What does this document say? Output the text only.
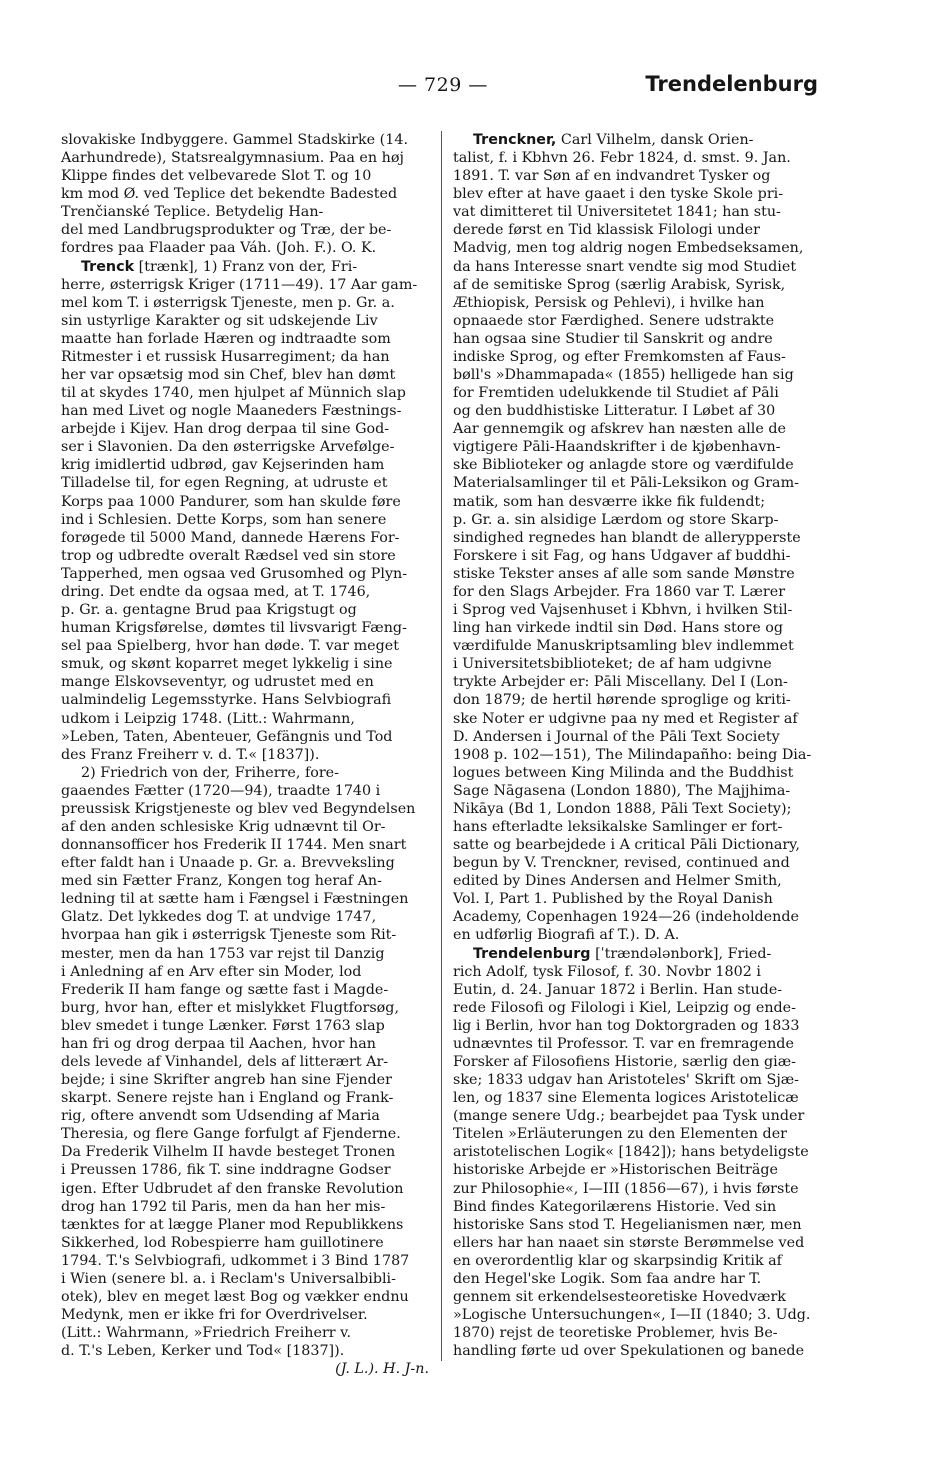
— 729 —	Trendelenburg
slovakiske Indbyggere. Gammel Stadskirke (14.
Aarhundrede), Statsrealgymnasium. Paa en høj
Klippe findes det velbevarede Slot T. og 10
km mod Ø. ved Teplice det bekendte Badested
Trenčianské Teplice. Betydelig Han-
del med Landbrugsprodukter og Træ, der be-
fordres paa Flaader paa Váh. (Joh. F.). O. K.
Trenck [trænk], 1) Franz von der, Fri-
herre, østerrigsk Kriger (1711—49). 17 Aar gam-
mel kom T. i østerrigsk Tjeneste, men p. Gr. a.
sin ustyrlige Karakter og sit udskejende Liv
maatte han forlade Hæren og indtraadte som
Ritmester i et russisk Husarregiment; da han
her var opsætsig mod sin Chef, blev han dømt
til at skydes 1740, men hjulpet af Münnich slap
han med Livet og nogle Maaneders Fæstnings-
arbejde i Kijev. Han drog derpaa til sine God-
ser i Slavonien. Da den østerrigske Arvefølge-
krig imidlertid udbrød, gav Kejserinden ham
Tilladelse til, for egen Regning, at udruste et
Korps paa 1000 Pandurer, som han skulde føre
ind i Schlesien. Dette Korps, som han senere
forøgede til 5000 Mand, dannede Hærens For-
trop og udbredte overalt Rædsel ved sin store
Tapperhed, men ogsaa ved Grusomhed og Plyn-
dring. Det endte da ogsaa med, at T. 1746,
p. Gr. a. gentagne Brud paa Krigstugt og
human Krigsførelse, dømtes til livsvarigt Fæng-
sel paa Spielberg, hvor han døde. T. var meget
smuk, og skønt koparret meget lykkelig i sine
mange Elskovseventyr, og udrustet med en
ualmindelig Legemsstyrke. Hans Selvbiografi
udkom i Leipzig 1748. (Litt.: Wahrmann,
»Leben, Taten, Abenteuer, Gefängnis und Tod
des Franz Freiherr v. d. T.« [1837]).
2) Friedrich von der, Friherre, fore-
gaaendes Fætter (1720—94), traadte 1740 i
preussisk Krigstjeneste og blev ved Begyndelsen
af den anden schlesiske Krig udnævnt til Or-
donnansofficer hos Frederik II 1744. Men snart
efter faldt han i Unaade p. Gr. a. Brevveksling
med sin Fætter Franz, Kongen tog heraf An-
ledning til at sætte ham i Fængsel i Fæstningen
Glatz. Det lykkedes dog T. at undvige 1747,
hvorpaa han gik i østerrigsk Tjeneste som Rit-
mester, men da han 1753 var rejst til Danzig
i Anledning af en Arv efter sin Moder, lod
Frederik II ham fange og sætte fast i Magde-
burg, hvor han, efter et mislykket Flugtforsøg,
blev smedet i tunge Lænker. Først 1763 slap
han fri og drog derpaa til Aachen, hvor han
dels levede af Vinhandel, dels af litterært Ar-
bejde; i sine Skrifter angreb han sine Fjender
skarpt. Senere rejste han i England og Frank-
rig, oftere anvendt som Udsending af Maria
Theresia, og flere Gange forfulgt af Fjenderne.
Da Frederik Vilhelm II havde besteget Tronen
i Preussen 1786, fik T. sine inddragne Godser
igen. Efter Udbrudet af den franske Revolution
drog han 1792 til Paris, men da han her mis-
tænktes for at lægge Planer mod Republikkens
Sikkerhed, lod Robespierre ham guillotinere
1794. T.'s Selvbiografi, udkommet i 3 Bind 1787
i Wien (senere bl. a. i Reclam's Universalbibli-
otek), blev en meget læst Bog og vækker endnu
Medynk, men er ikke fri for Overdrivelser.
(Litt.: Wahrmann, »Friedrich Freiherr v.
d. T.'s Leben, Kerker und Tod« [1837]).
(J. L.). H. J-n.
Trenckner, Carl Vilhelm, dansk Orien-
talist, f. i Kbhvn 26. Febr 1824, d. smst. 9. Jan.
1891. T. var Søn af en indvandret Tysker og
blev efter at have gaaet i den tyske Skole pri-
vat dimitteret til Universitetet 1841; han stu-
derede først en Tid klassisk Filologi under
Madvig, men tog aldrig nogen Embedseksamen,
da hans Interesse snart vendte sig mod Studiet
af de semitiske Sprog (særlig Arabisk, Syrisk,
Æthiopisk, Persisk og Pehlevi), i hvilke han
opnaaede stor Færdighed. Senere udstrakte
han ogsaa sine Studier til Sanskrit og andre
indiske Sprog, og efter Fremkomsten af Faus-
bøll's »Dhammapada« (1855) helligede han sig
for Fremtiden udelukkende til Studiet af Pāli
og den buddhistiske Litteratur. I Løbet af 30
Aar gennemgik og afskrev han næsten alle de
vigtigere Pāli-Haandskrifter i de kjøbenhavn-
ske Biblioteker og anlagde store og værdifulde
Materialsamlinger til et Pāli-Leksikon og Gram-
matik, som han desværre ikke fik fuldendt;
p. Gr. a. sin alsidige Lærdom og store Skarp-
sindighed regnedes han blandt de allerypperste
Forskere i sit Fag, og hans Udgaver af buddhi-
stiske Tekster anses af alle som sande Mønstre
for den Slags Arbejder. Fra 1860 var T. Lærer
i Sprog ved Vajsenhuset i Kbhvn, i hvilken Stil-
ling han virkede indtil sin Død. Hans store og
værdifulde Manuskriptsamling blev indlemmet
i Universitetsbiblioteket; de af ham udgivne
trykte Arbejder er: Pāli Miscellany. Del I (Lon-
don 1879; de hertil hørende sproglige og kriti-
ske Noter er udgivne paa ny med et Register af
D. Andersen i Journal of the Pāli Text Society
1908 p. 102—151), The Milindapañho: being Dia-
logues between King Milinda and the Buddhist
Sage Nāgasena (London 1880), The Majjhima-
Nikāya (Bd 1, London 1888, Pāli Text Society);
hans efterladte leksikalske Samlinger er fort-
satte og bearbejdede i A critical Pāli Dictionary,
begun by V. Trenckner, revised, continued and
edited by Dines Andersen and Helmer Smith,
Vol. I, Part 1. Published by the Royal Danish
Academy, Copenhagen 1924—26 (indeholdende
en udførlig Biografi af T.). D. A.
Trendelenburg [ˈtrændələnbork], Fried-
rich Adolf, tysk Filosof, f. 30. Novbr 1802 i
Eutin, d. 24. Januar 1872 i Berlin. Han stude-
rede Filosofi og Filologi i Kiel, Leipzig og ende-
lig i Berlin, hvor han tog Doktorgraden og 1833
udnævntes til Professor. T. var en fremragende
Forsker af Filosofiens Historie, særlig den giæ-
ske; 1833 udgav han Aristoteles' Skrift om Sjæ-
len, og 1837 sine Elementa logices Aristotelicæ
(mange senere Udg.; bearbejdet paa Tysk under
Titelen »Erläuterungen zu den Elementen der
aristotelischen Logik« [1842]); hans betydeligste
historiske Arbejde er »Historischen Beiträge
zur Philosophie«, I—III (1856—67), i hvis første
Bind findes Kategorilærens Historie. Ved sin
historiske Sans stod T. Hegelianismen nær, men
ellers har han naaet sin største Berømmelse ved
en overordentlig klar og skarpsindig Kritik af
den Hegel'ske Logik. Som faa andre har T.
gennem sit erkendelsesteoretiske Hovedværk
»Logische Untersuchungen«, I—II (1840; 3. Udg.
1870) rejst de teoretiske Problemer, hvis Be-
handling førte ud over Spekulationen og banede
